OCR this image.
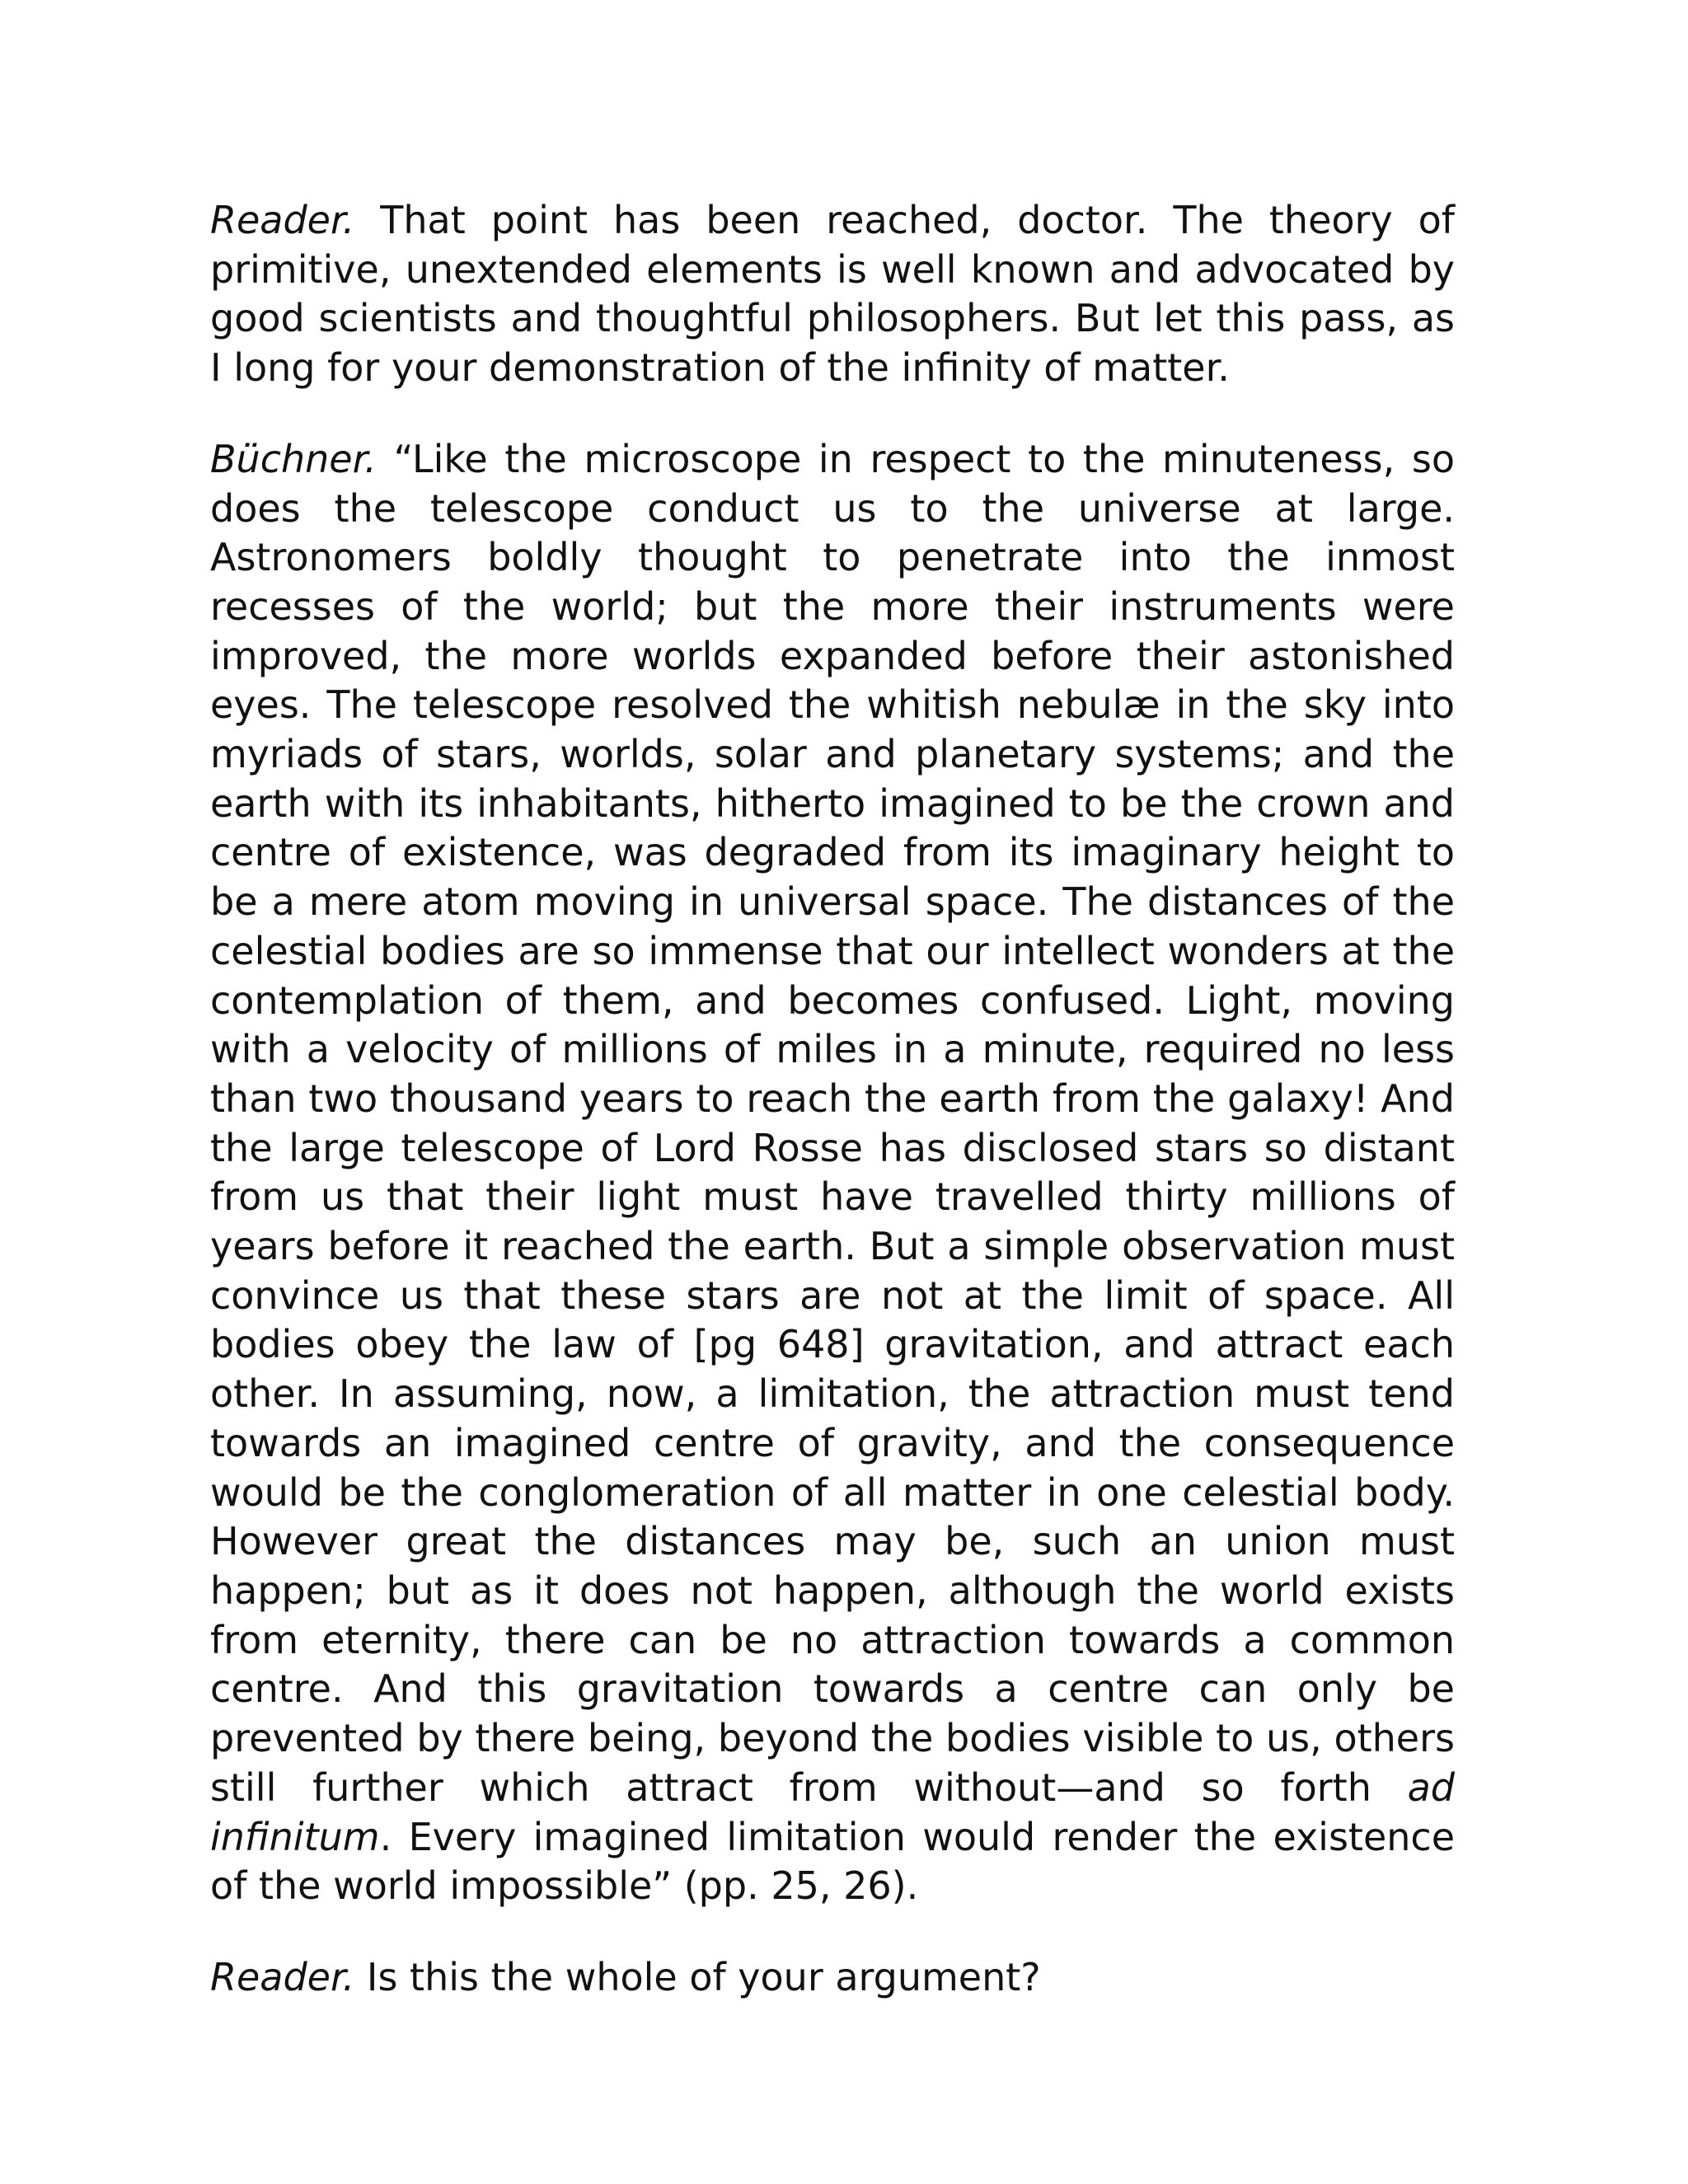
Reader. That point has been reached, doctor. The theory of primitive, unextended elements is well known and advocated by good scientists and thoughtful philosophers. But let this pass, as I long for your demonstration of the infinity of matter.

Büchner. “Like the microscope in respect to the minuteness, so does the telescope conduct us to the universe at large. Astronomers boldly thought to penetrate into the inmost recesses of the world; but the more their instruments were improved, the more worlds expanded before their astonished eyes. The telescope resolved the whitish nebulæ in the sky into myriads of stars, worlds, solar and planetary systems; and the earth with its inhabitants, hitherto imagined to be the crown and centre of existence, was degraded from its imaginary height to be a mere atom moving in universal space. The distances of the celestial bodies are so immense that our intellect wonders at the contemplation of them, and becomes confused. Light, moving with a velocity of millions of miles in a minute, required no less than two thousand years to reach the earth from the galaxy! And the large telescope of Lord Rosse has disclosed stars so distant from us that their light must have travelled thirty millions of years before it reached the earth. But a simple observation must convince us that these stars are not at the limit of space. All bodies obey the law of [pg 648] gravitation, and attract each other. In assuming, now, a limitation, the attraction must tend towards an imagined centre of gravity, and the consequence would be the conglomeration of all matter in one celestial body. However great the distances may be, such an union must happen; but as it does not happen, although the world exists from eternity, there can be no attraction towards a common centre. And this gravitation towards a centre can only be prevented by there being, beyond the bodies visible to us, others still further which attract from without—and so forth ad infinitum. Every imagined limitation would render the existence of the world impossible” (pp. 25, 26).

Reader. Is this the whole of your argument?
